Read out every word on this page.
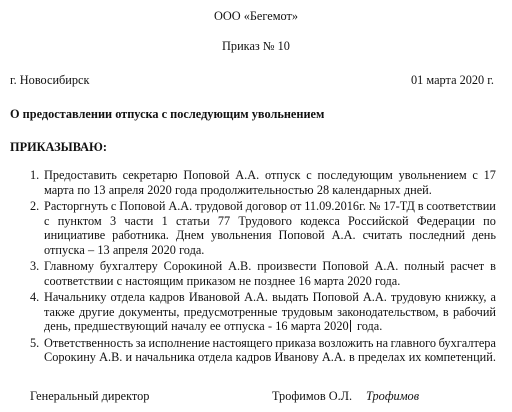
ООО «Бегемот»
Приказ № 10
г. Новосибирск	01 марта 2020 г.
О предоставлении отпуска с последующим увольнением
ПРИКАЗЫВАЮ:
1. Предоставить секретарю Поповой А.А. отпуск с последующим увольнением с 17
марта по 13 апреля 2020 года продолжительностью 28 календарных дней.
2. Расторгнуть с Поповой А.А. трудовой договор от 11.09.2016г. № 17-ТД в соответствии
с пунктом 3 части 1 статьи 77 Трудового кодекса Российской Федерации по
инициативе работника. Днем увольнения Поповой А.А. считать последний день
отпуска – 13 апреля 2020 года.
3. Главному бухгалтеру Сорокиной А.В. произвести Поповой А.А. полный расчет в
соответствии с настоящим приказом не позднее 16 марта 2020 года.
4. Начальнику отдела кадров Ивановой А.А. выдать Поповой А.А. трудовую книжку, а
также другие документы, предусмотренные трудовым законодательством, в рабочий
день, предшествующий началу ее отпуска - 16 марта 2020 года.
5. Ответственность за исполнение настоящего приказа возложить на главного бухгалтера
Сорокину А.В. и начальника отдела кадров Иванову А.А. в пределах их компетенций.
Генеральный директор	Трофимов О.Л. Трофимов
